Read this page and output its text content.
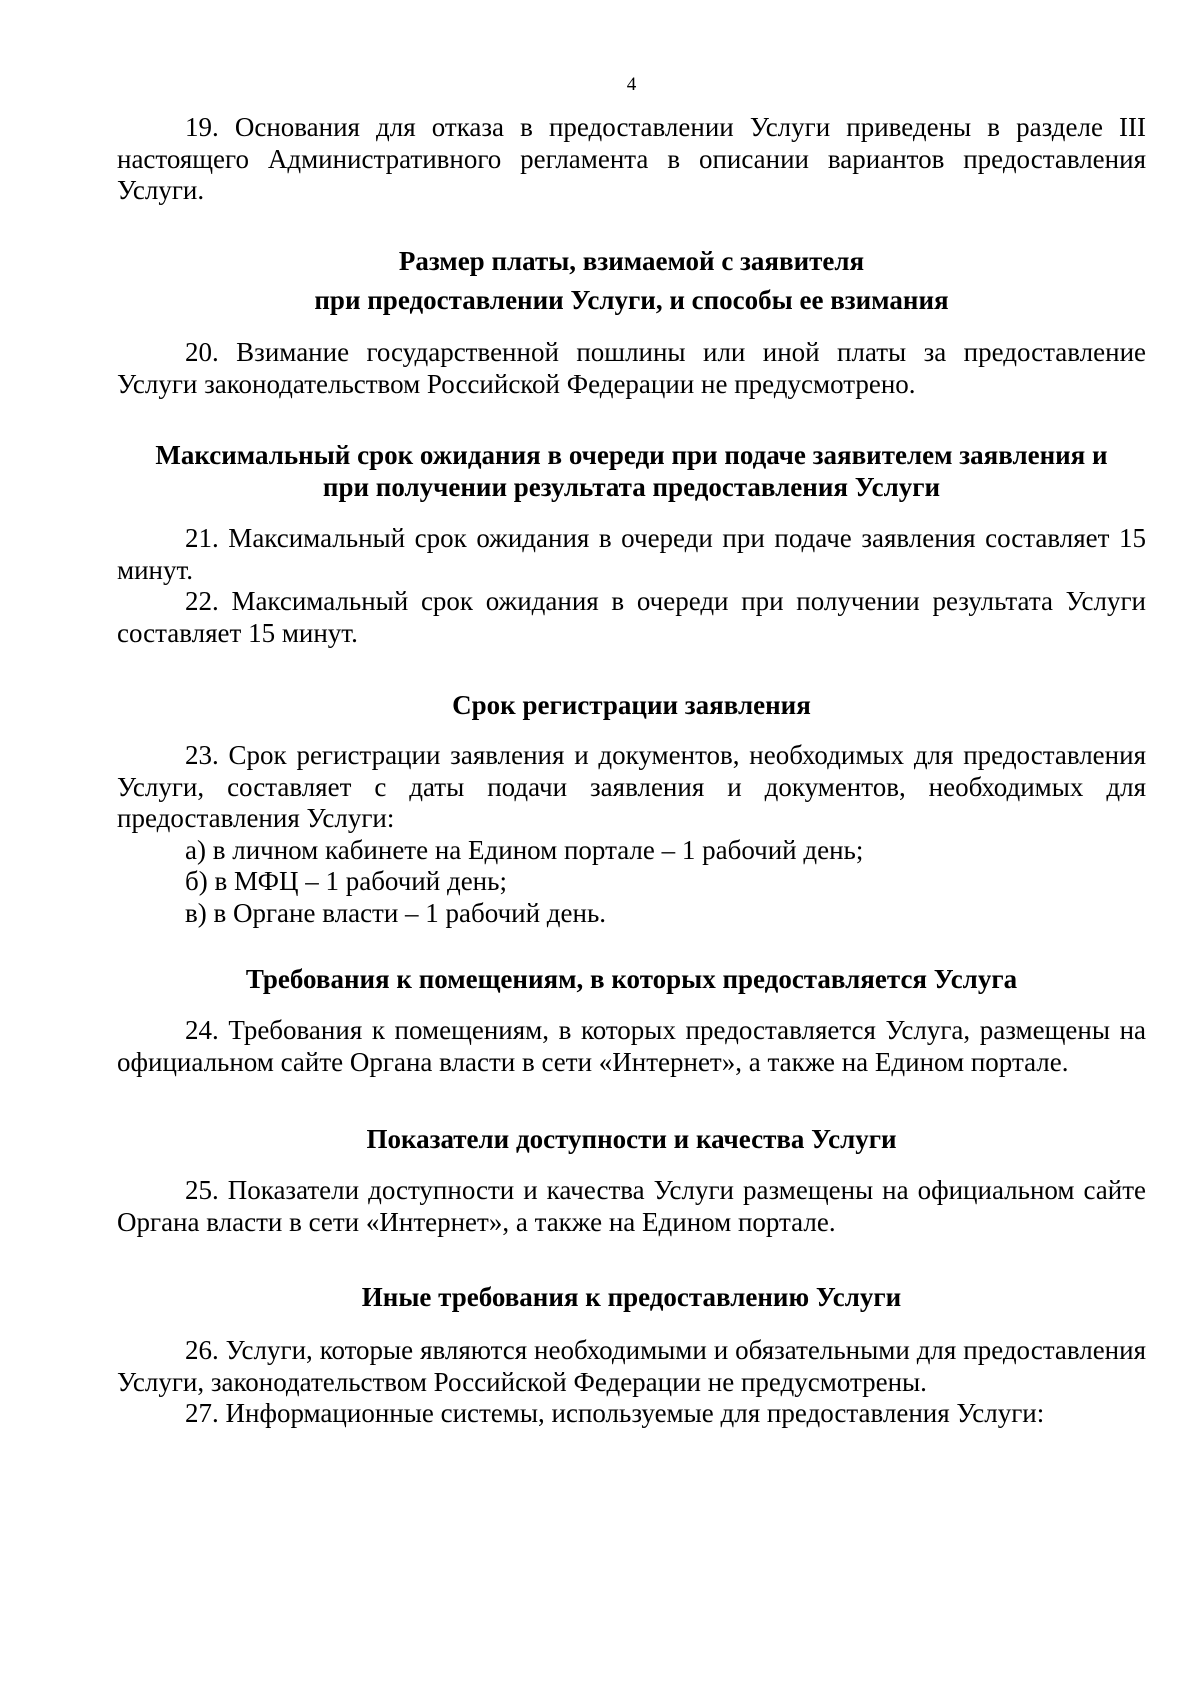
4

19. Основания для отказа в предоставлении Услуги приведены в разделе III настоящего Административного регламента в описании вариантов предоставления Услуги.

Размер платы, взимаемой с заявителя

при предоставлении Услуги, и способы ее взимания

20. Взимание государственной пошлины или иной платы за предоставление Услуги законодательством Российской Федерации не предусмотрено.

Максимальный срок ожидания в очереди при подаче заявителем заявления и

при получении результата предоставления Услуги

21. Максимальный срок ожидания в очереди при подаче заявления составляет 15 минут.

22. Максимальный срок ожидания в очереди при получении результата Услуги составляет 15 минут.

Срок регистрации заявления

23. Срок регистрации заявления и документов, необходимых для предоставления Услуги, составляет с даты подачи заявления и документов, необходимых для предоставления Услуги:

а) в личном кабинете на Едином портале – 1 рабочий день;

б) в МФЦ – 1 рабочий день;

в) в Органе власти – 1 рабочий день.

Требования к помещениям, в которых предоставляется Услуга

24. Требования к помещениям, в которых предоставляется Услуга, размещены на официальном сайте Органа власти в сети «Интернет», а также на Едином портале.

Показатели доступности и качества Услуги

25. Показатели доступности и качества Услуги размещены на официальном сайте Органа власти в сети «Интернет», а также на Едином портале.

Иные требования к предоставлению Услуги

26. Услуги, которые являются необходимыми и обязательными для предоставления Услуги, законодательством Российской Федерации не предусмотрены.

27. Информационные системы, используемые для предоставления Услуги:
